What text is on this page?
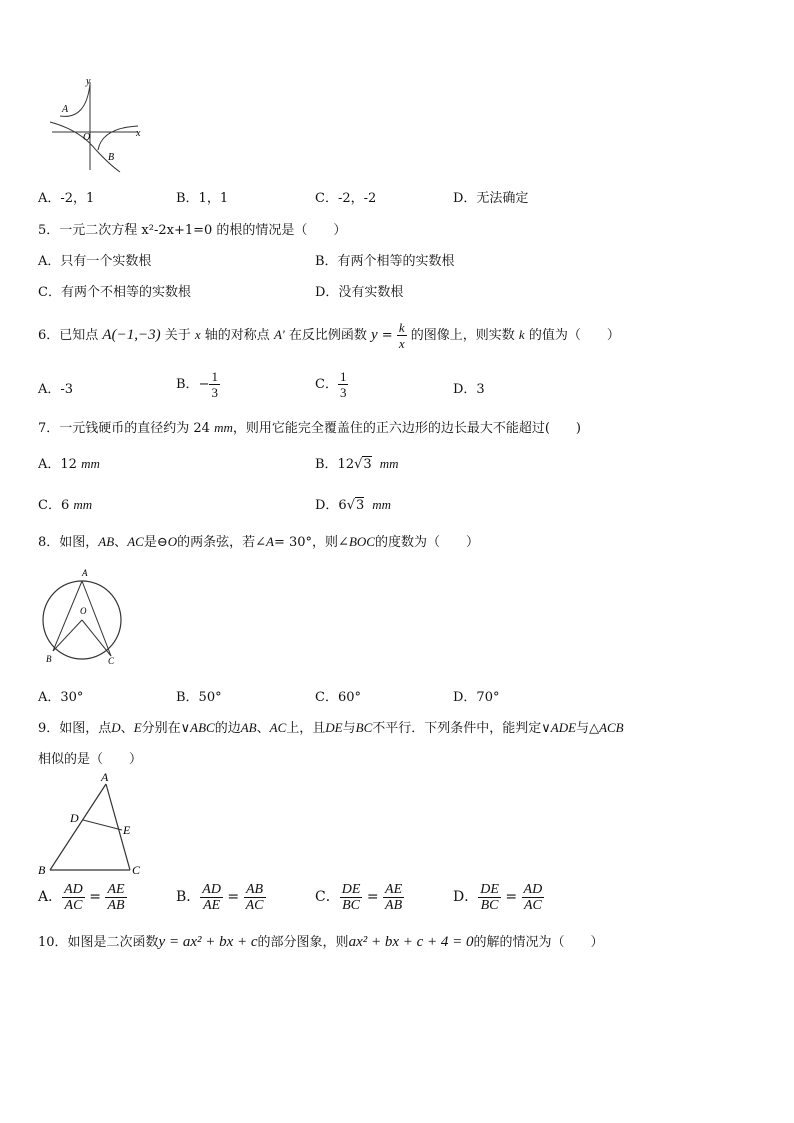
y
x
O
A
B
A．-2，1	B．1，1	C．-2，-2	D．无法确定
5．一元二次方程 x²-2x+1=0 的根的情况是（　　）
A．只有一个实数根	B．有两个相等的实数根
C．有两个不相等的实数根	D．没有实数根
6．已知点 A(−1,−3) 关于 x 轴的对称点 A' 在反比例函数 $y = \frac{k}{x}$ 的图像上，则实数 k 的值为（　　）
A．-3	B．− $\frac{1}{3}$	C． $\frac{1}{3}$	D．3
7．一元钱硬币的直径约为 24 mm，则用它能完全覆盖住的正六边形的边长最大不能超过(　　)
A．12 mm	B．12√3 mm
C．6 mm	D．6√3 mm
8．如图，AB、AC是⊖O的两条弦，若∠A= 30°，则∠BOC的度数为（　　）
A
O
B	C
A．30°	B．50°	C．60°	D．70°
9．如图，点D、E分别在∨ABC的边AB、AC上，且DE与BC不平行．下列条件中，能判定∨ADE与△ACB
相似的是（　　）
A
D
E
B	C
A． $\frac{AD}{AC} = \frac{AE}{AB}$	B． $\frac{AD}{AE} = \frac{AB}{AC}$	C． $\frac{DE}{BC} = \frac{AE}{AB}$	D． $\frac{DE}{BC} = \frac{AD}{AC}$
10．如图是二次函数y = ax² + bx + c的部分图象，则ax² + bx + c + 4 = 0的解的情况为（　　）
